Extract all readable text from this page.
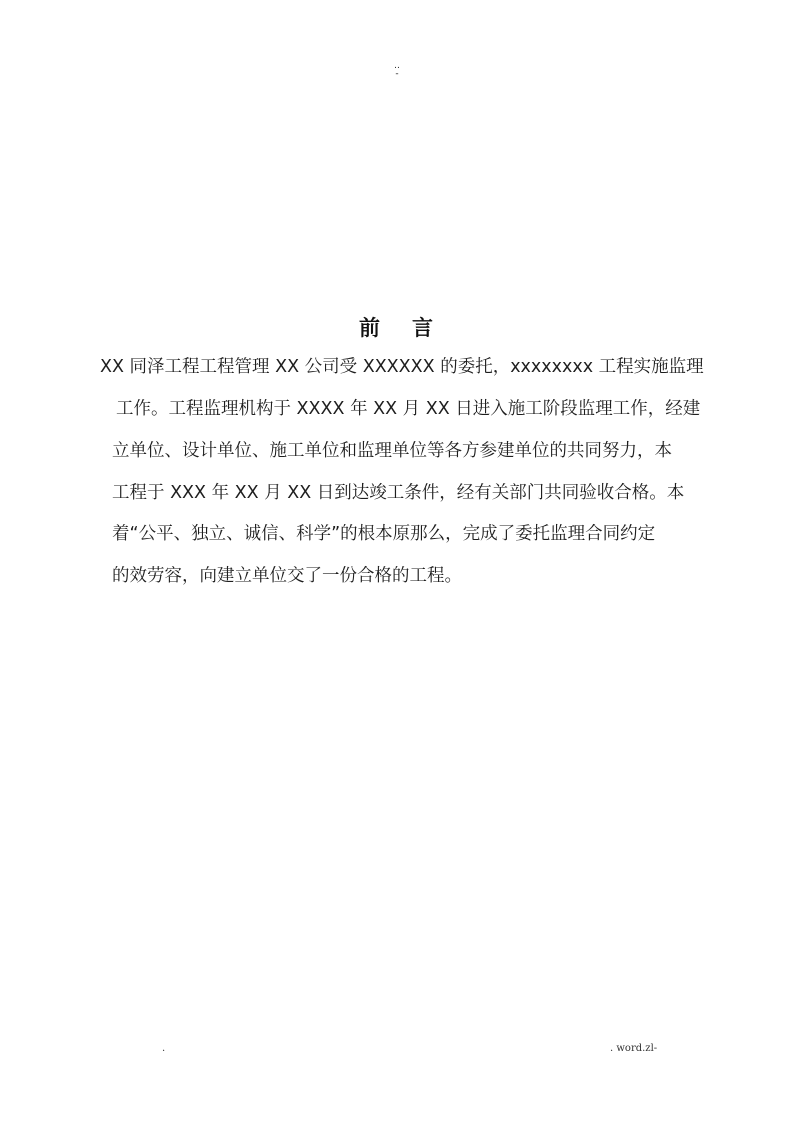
..
-
前 言
XX 同泽工程工程管理 XX 公司受 XXXXXX 的委托，xxxxxxxx 工程实施监理
工作。工程监理机构于 XXXX 年 XX 月 XX 日进入施工阶段监理工作，经建
立单位、设计单位、施工单位和监理单位等各方参建单位的共同努力，本
工程于 XXX 年 XX 月 XX 日到达竣工条件，经有关部门共同验收合格。本
着“公平、独立、诚信、科学”的根本原那么，完成了委托监理合同约定
的效劳容，向建立单位交了一份合格的工程。
.	. word.zl-
